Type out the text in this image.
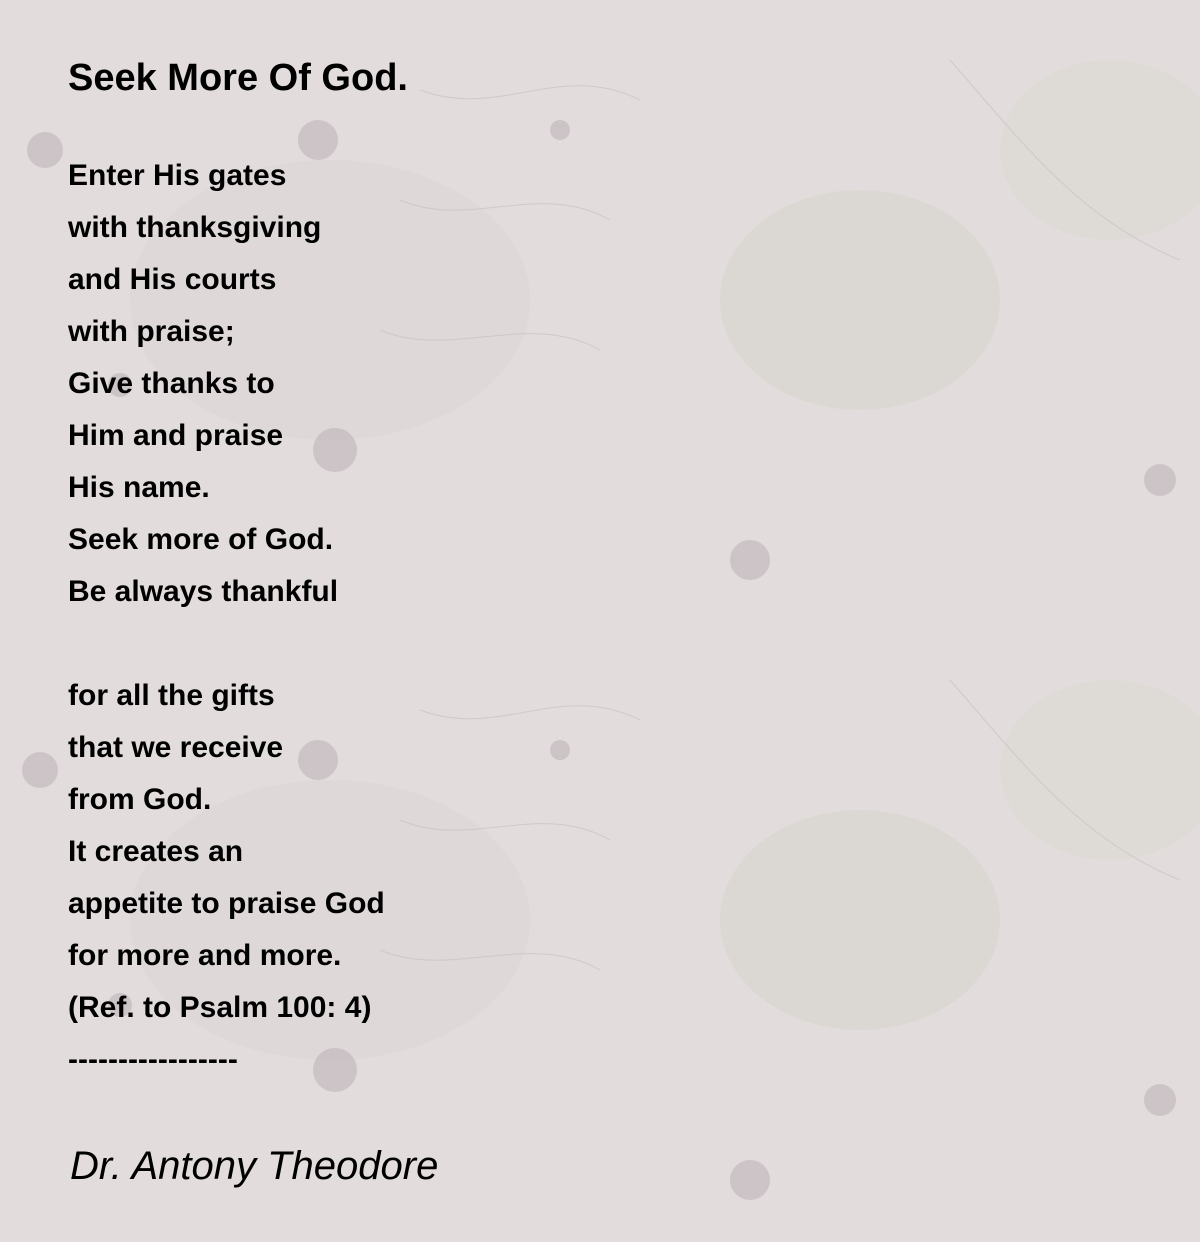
Seek More Of God.
Enter His gates
with thanksgiving
and His courts
with praise;
Give thanks to
Him and praise
His name.
Seek more of God.
Be always thankful
for all the gifts
that we receive
from God.
It creates an
appetite to praise God
for more and more.
(Ref. to Psalm 100: 4)
-----------------

Dr. Antony Theodore
